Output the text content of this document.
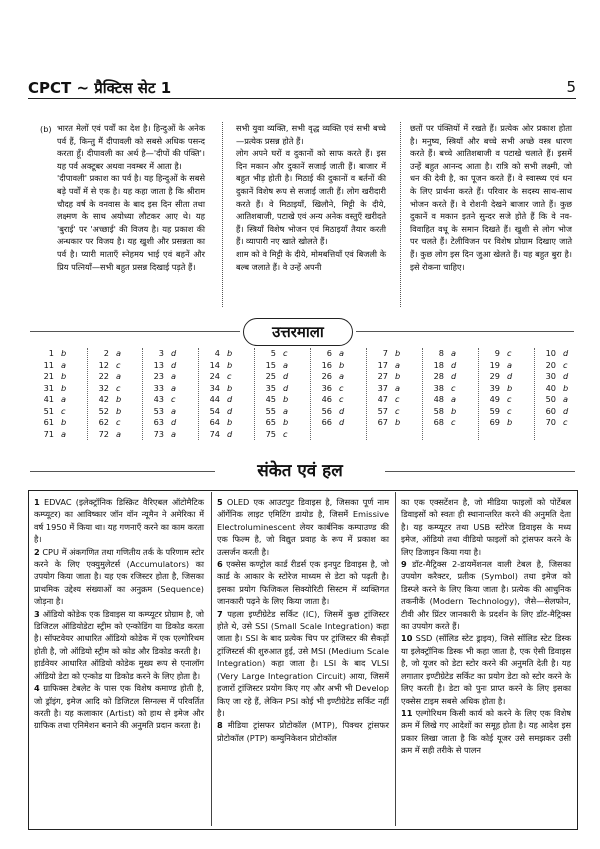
CPCT ~ प्रैक्टिस सेट 1	5
(b) भारत मेलों एवं पर्वों का देश है। हिन्दुओं के अनेक पर्व हैं, किन्तु मैं दीपावली को सबसे अधिक पसन्द करता हूँ। दीपावली का अर्थ है—'दीपों की पंक्ति'। यह पर्व अक्टूबर अथवा नवम्बर में आता है।

'दीपावली' प्रकाश का पर्व है। यह हिन्दुओं के सबसे बड़े पर्वों में से एक है। यह कहा जाता है कि श्रीराम चौदह वर्ष के वनवास के बाद इस दिन सीता तथा लक्ष्मण के साथ अयोध्या लौटकर आए थे। यह 'बुराई' पर 'अच्छाई' की विजय है। यह प्रकाश की अन्धकार पर विजय है। यह खुशी और प्रसन्नता का पर्व है। प्यारी माताएँ स्नेहमय भाई एवं बहनें और प्रिय पत्नियाँ—सभी बहुत प्रसन्न दिखाई पड़ते हैं।

सभी युवा व्यक्ति, सभी वृद्ध व्यक्ति एवं सभी बच्चे—प्रत्येक प्रसन्न होते हैं।

लोग अपने घरों व दुकानों को साफ करते हैं। इस दिन मकान और दुकानें सजाई जाती हैं। बाजार में बहुत भीड़ होती है। मिठाई की दुकानों व बर्तनों की दुकानें विशेष रूप से सजाई जाती हैं। लोग खरीदारी करते हैं। वे मिठाइयाँ, खिलौने, मिट्टी के दीये, आतिशबाजी, पटाखे एवं अन्य अनेक वस्तुएँ खरीदते हैं। स्त्रियाँ विशेष भोजन एवं मिठाइयाँ तैयार करती हैं। व्यापारी नए खाते खोलते हैं।

शाम को वे मिट्टी के दीये, मोमबत्तियाँ एवं बिजली के बल्ब जलाते हैं। वे उन्हें अपनी

छतों पर पंक्तियों में रखते हैं। प्रत्येक ओर प्रकाश होता है। मनुष्य, स्त्रियाँ और बच्चे सभी अच्छे वस्त्र धारण करते हैं। बच्चे आतिशबाजी व पटाखे चलाते हैं। इसमें उन्हें बहुत आनन्द आता है। रात्रि को सभी लक्ष्मी, जो धन की देवी है, का पूजन करते हैं। वे स्वास्थ्य एवं धन के लिए प्रार्थना करते हैं। परिवार के सदस्य साथ-साथ भोजन करते हैं। वे रोशनी देखने बाजार जाते हैं। कुछ दुकानें व मकान इतने सुन्दर सजे होते हैं कि वे नव-विवाहित वधू के समान दिखते हैं। खुशी से लोग भोज पर चलते हैं। टेलीविजन पर विशेष प्रोग्राम दिखाए जाते हैं। कुछ लोग इस दिन जुआ खेलते हैं। यह बहुत बुरा है। इसे रोकना चाहिए।

उत्तरमाला
1 b
11 a
21 b
31 b
41 a
51 c
61 b
71 a
2 a
12 c
22 a
32 c
42 b
52 b
62 c
72 a
3 d
13 d
23 a
33 a
43 c
53 a
63 d
73 a
4 b
14 b
24 c
34 b
44 d
54 d
64 b
74 d
5 c
15 a
25 d
35 d
45 b
55 a
65 b
75 c
6 a
16 b
26 a
36 c
46 c
56 d
66 d
7 b
17 a
27 b
37 a
47 c
57 c
67 b
8 a
18 d
28 d
38 c
48 a
58 b
68 c
9 c
19 a
29 d
39 b
49 c
59 c
69 b
10 d
20 c
30 d
40 b
50 a
60 d
70 c
संकेत एवं हल

1 EDVAC (इलेक्ट्रॉनिक डिस्क्रिट वैरिएबल ऑटोमैटिक कम्प्यूटर) का आविष्कार जॉन वॉन न्यूमैन ने अमेरिका में वर्ष 1950 में किया था। यह गणनाएँ करने का काम करता है।

2 CPU में अंकगणित तथा गणितीय तर्क के परिणाम स्टोर करने के लिए एक्युमुलेटर्स (Accumulators) का उपयोग किया जाता है। यह एक रजिस्टर होता है, जिसका प्राथमिक उद्देश्य संख्याओं का अनुक्रम (Sequence) जोड़ना है।

3 ऑडियो कोडेक एक डिवाइस या कम्प्यूटर प्रोग्राम है, जो डिजिटल ऑडियोडेटा स्ट्रीम को एन्कोडिंग या डिकोड करता है। सॉफ्टवेयर आधारित ऑडियो कोडेक में एक एल्गोरिथम होती है, जो ऑडियो स्ट्रीम को कोड और डिकोड करती है।

हार्डवेयर आधारित ऑडियो कोडेक मुख्य रूप से एनालॉग ऑडियो डेटा को एन्कोड या डिकोड करने के लिए होता है।

4 ग्राफिक्स टेबलेट के पास एक विशेष कमाण्ड होती है, जो ड्रॉइंग, इमेज आदि को डिजिटल सिग्नल्स में परिवर्तित करती है। यह कलाकार (Artist) को हाथ से इमेज और ग्राफिक तथा एनिमेशन बनाने की अनुमति प्रदान करता है।

5 OLED एक आउटपुट डिवाइस है, जिसका पूर्ण नाम ऑर्गेनिक लाइट एमिटिंग डायोड है, जिसमें Emissive Electroluminescent लेयर कार्बनिक कम्पाउण्ड की एक फिल्म है, जो विद्युत प्रवाह के रूप में प्रकाश का उत्सर्जन करती है।

6 एक्सेस कण्ट्रोल कार्ड रीडर्स एक इनपुट डिवाइस है, जो कार्ड के आकार के स्टोरेज माध्यम से डेटा को पढ़ती है। इसका प्रयोग फिजिकल सिक्योरिटी सिस्टम में व्यक्तिगत जानकारी पढ़ने के लिए किया जाता है।

7 पहला इण्टीग्रेटेड सर्किट (IC), जिसमें कुछ ट्रांजिस्टर होते थे, उसे SSI (Small Scale Integration) कहा जाता है। SSI के बाद प्रत्येक चिप पर ट्रांजिस्टर की सैकड़ों ट्रांजिस्टर्स की शुरुआत हुई, उसे MSI (Medium Scale Integration) कहा जाता है। LSI के बाद VLSI (Very Large Integration Circuit) आया, जिसमें हजारों ट्रांजिस्टर प्रयोग किए गए और अभी भी Develop किए जा रहे हैं, लेकिन PSI कोई भी इण्टीग्रेटेड सर्किट नहीं है।

8 मीडिया ट्रांसफर प्रोटोकॉल (MTP), पिक्चर ट्रांसफर प्रोटोकॉल (PTP) कम्युनिकेशन प्रोटोकॉल

का एक एक्सटेंशन है, जो मीडिया फाइलों को पोर्टेबल डिवाइसों को स्वतः ही स्थानान्तरित करने की अनुमति देता है। यह कम्प्यूटर तथा USB स्टोरेज डिवाइस के मध्य इमेज, ऑडियो तथा वीडियो फाइलों को ट्रांसफर करने के लिए डिजाइन किया गया है।

9 डॉट-मैट्रिक्स 2-डायमेंशनल वाली टेबल है, जिसका उपयोग करैक्टर, प्रतीक (Symbol) तथा इमेज को डिस्प्ले करने के लिए किया जाता है। प्रत्येक की आधुनिक तकनीकें (Modern Technology), जैसे—सेलफोन, टीवी और प्रिंटर जानकारी के प्रदर्शन के लिए डॉट-मैट्रिक्स का उपयोग करते हैं।

10 SSD (सॉलिड स्टेट ड्राइव), जिसे सॉलिड स्टेट डिस्क या इलेक्ट्रॉनिक डिस्क भी कहा जाता है, एक ऐसी डिवाइस है, जो यूजर को डेटा स्टोर करने की अनुमति देती है। यह लगातार इण्टीग्रेटेड सर्किट का प्रयोग डेटा को स्टोर करने के लिए करती है। डेटा को पुनः प्राप्त करने के लिए इसका एक्सेस टाइम सबसे अधिक होता है।

11 एल्गोरिथम किसी कार्य को करने के लिए एक विशेष क्रम में लिखे गए आदेशों का समूह होता है। यह आदेश इस प्रकार लिखा जाता है कि कोई यूजर उसे समझकर उसी क्रम में सही तरीके से पालन
